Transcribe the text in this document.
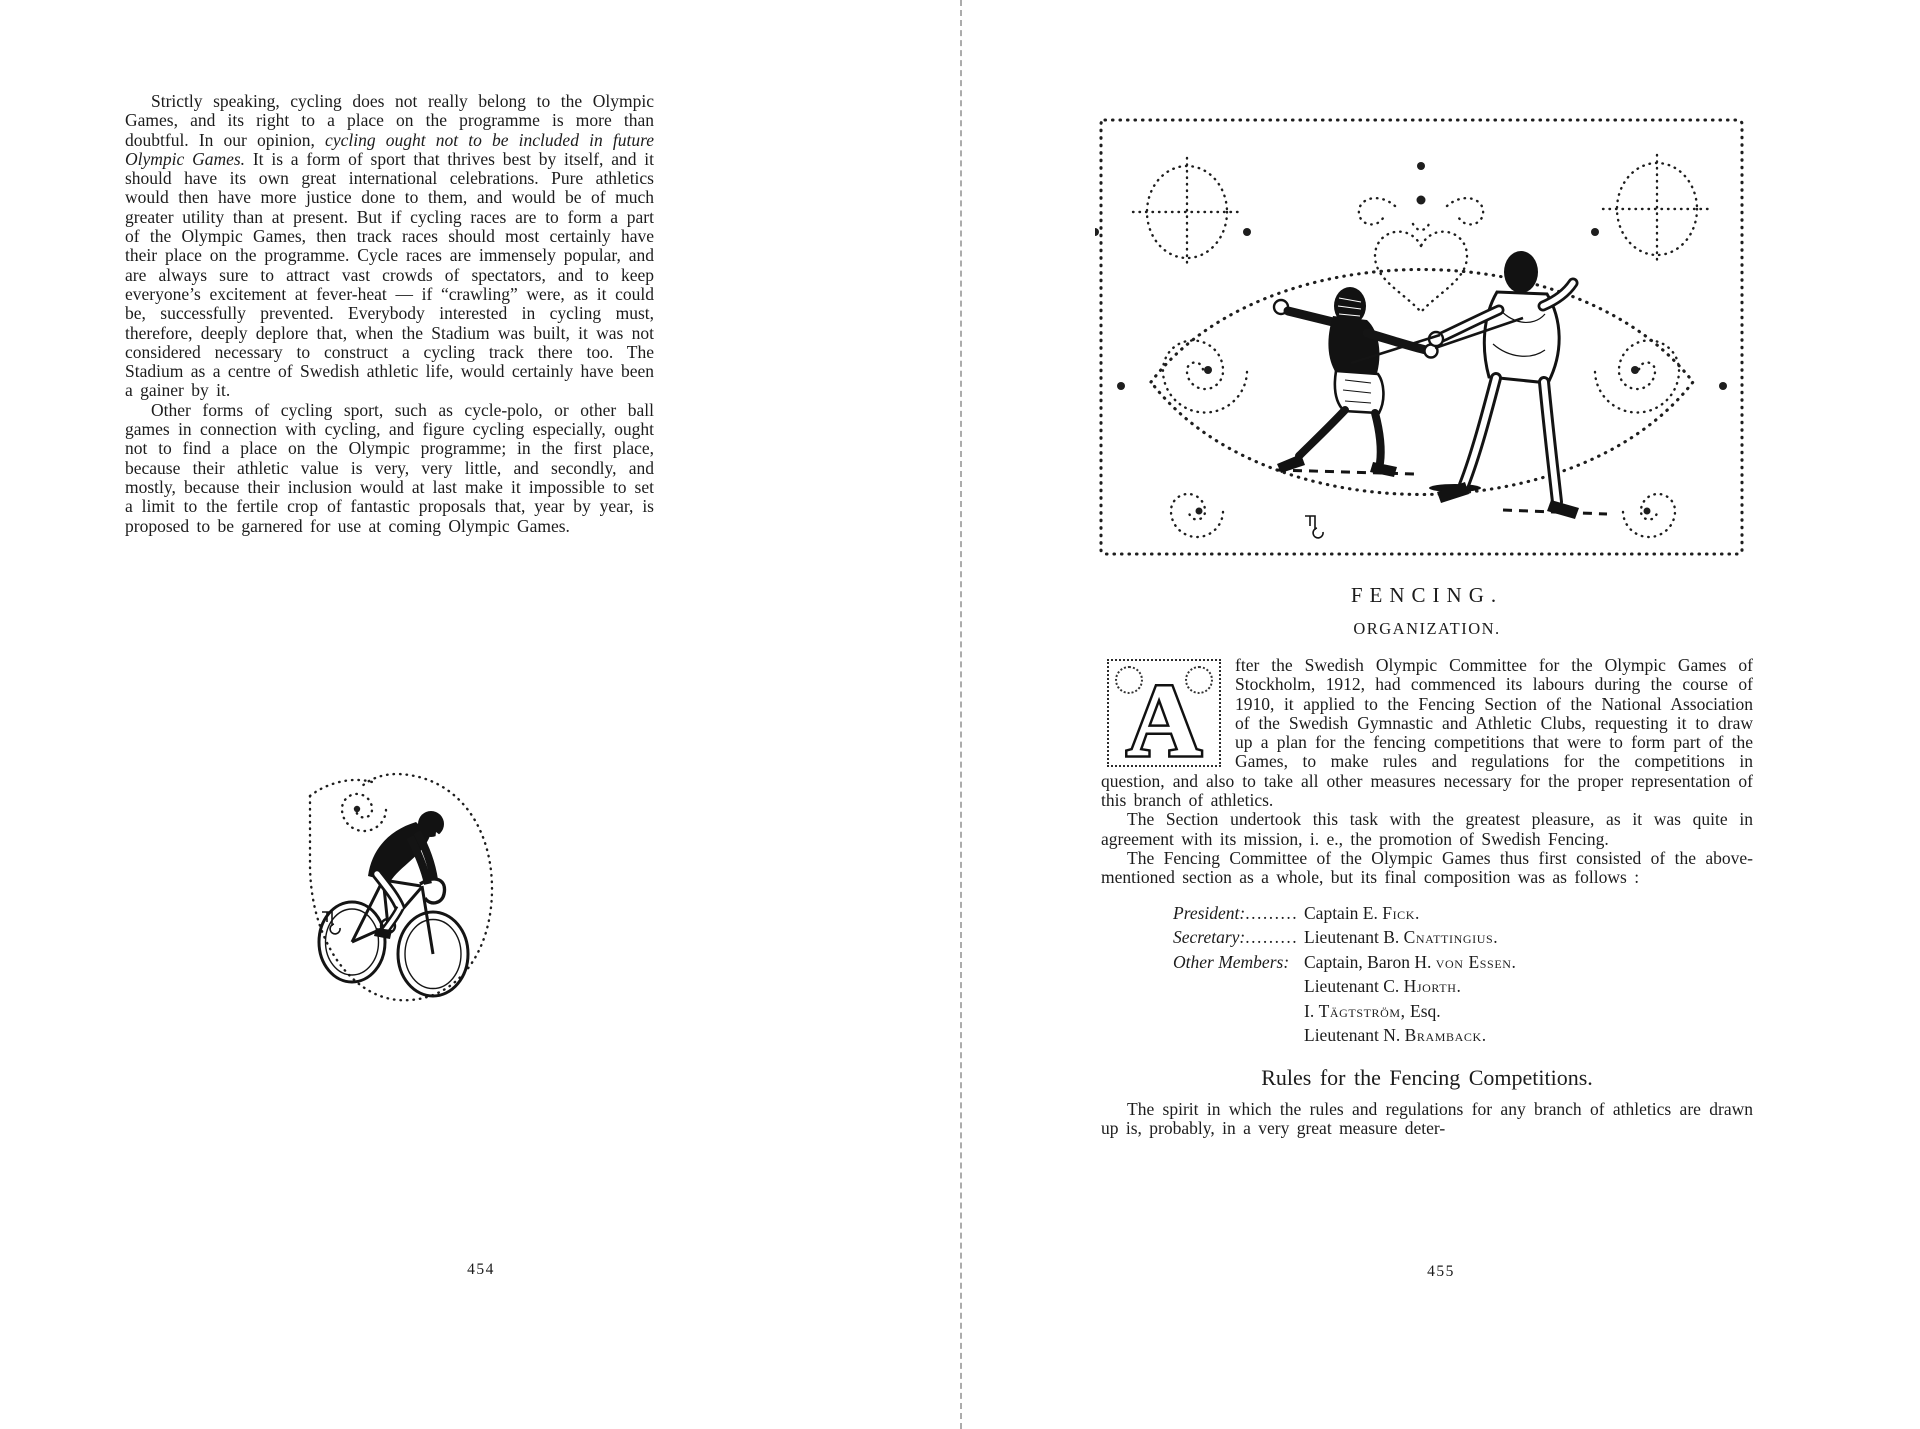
Strictly speaking, cycling does not really belong to the Olympic Games, and its right to a place on the programme is more than doubtful. In our opinion, cycling ought not to be included in future Olympic Games. It is a form of sport that thrives best by itself, and it should have its own great international celebrations. Pure athletics would then have more justice done to them, and would be of much greater utility than at present. But if cycling races are to form a part of the Olympic Games, then track races should most certainly have their place on the programme. Cycle races are immensely popular, and are always sure to attract vast crowds of spectators, and to keep everyone’s excitement at fever-heat — if “crawling” were, as it could be, successfully prevented. Everybody interested in cycling must, therefore, deeply deplore that, when the Stadium was built, it was not considered necessary to construct a cycling track there too. The Stadium as a centre of Swedish athletic life, would certainly have been a gainer by it.

Other forms of cycling sport, such as cycle-polo, or other ball games in connection with cycling, and figure cycling especially, ought not to find a place on the Olympic programme; in the first place, because their athletic value is very, very little, and secondly, and mostly, because their inclusion would at last make it impossible to set a limit to the fertile crop of fantastic proposals that, year by year, is proposed to be garnered for use at coming Olympic Games.

454
FENCING.
ORGANIZATION.
A	fter the Swedish Olympic Committee for the Olympic Games of Stockholm, 1912, had commenced its labours during the course of 1910, it applied to the Fencing Section of the National Association of the Swedish Gymnastic and Athletic Clubs, requesting it to draw up a plan for the fencing competitions that were to form part of the Games, to make rules and regulations for the competitions in question, and also to take all other measures necessary for the proper representation of this branch of athletics.

The Section undertook this task with the greatest pleasure, as it was quite in agreement with its mission, i. e., the promotion of Swedish Fencing.

The Fencing Committee of the Olympic Games thus first consisted of the above-mentioned section as a whole, but its final composition was as follows :

President:......... Captain E. Fick.
Secretary:......... Lieutenant B. Cnattingius.
Other Members: Captain, Baron H. von Essen.
Lieutenant C. Hjorth.
I. Tägtström, Esq.
Lieutenant N. Bramback.
Rules for the Fencing Competitions.

The spirit in which the rules and regulations for any branch of athletics are drawn up is, probably, in a very great measure deter-

455
